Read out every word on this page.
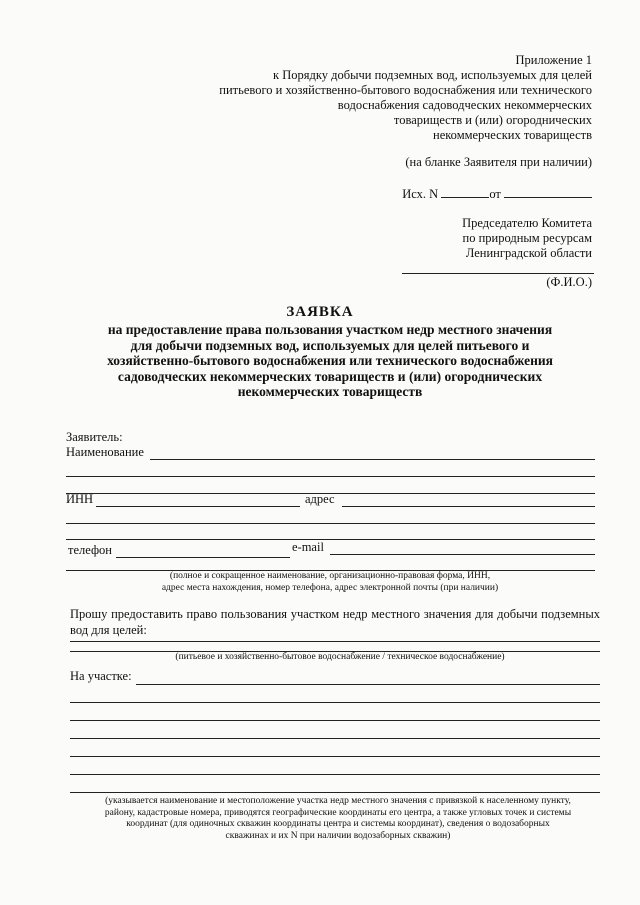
Приложение 1
к Порядку добычи подземных вод, используемых для целей
питьевого и хозяйственно-бытового водоснабжения или технического
водоснабжения садоводческих некоммерческих
товариществ и (или) огороднических
некоммерческих товариществ
(на бланке Заявителя при наличии)
Исх. N	от
Председателю Комитета
по природным ресурсам
Ленинградской области
(Ф.И.О.)
ЗАЯВКА
на предоставление права пользования участком недр местного значения
для добычи подземных вод, используемых для целей питьевого и
хозяйственно-бытового водоснабжения или технического водоснабжения
садоводческих некоммерческих товариществ и (или) огороднических
некоммерческих товариществ
Заявитель:
Наименование
ИНН	адрес
телефон	e-mail
(полное и сокращенное наименование, организационно-правовая форма, ИНН,
адрес места нахождения, номер телефона, адрес электронной почты (при наличии)
Прошу предоставить право пользования участком недр местного значения для добычи подземных вод для целей:
(питьевое и хозяйственно-бытовое водоснабжение / техническое водоснабжение)
На участке:
(указывается наименование и местоположение участка недр местного значения с привязкой к населенному пункту,
району, кадастровые номера, приводятся географические координаты его центра, а также угловых точек и системы
координат (для одиночных скважин координаты центра и системы координат), сведения о водозаборных
скважинах и их N при наличии водозаборных скважин)
